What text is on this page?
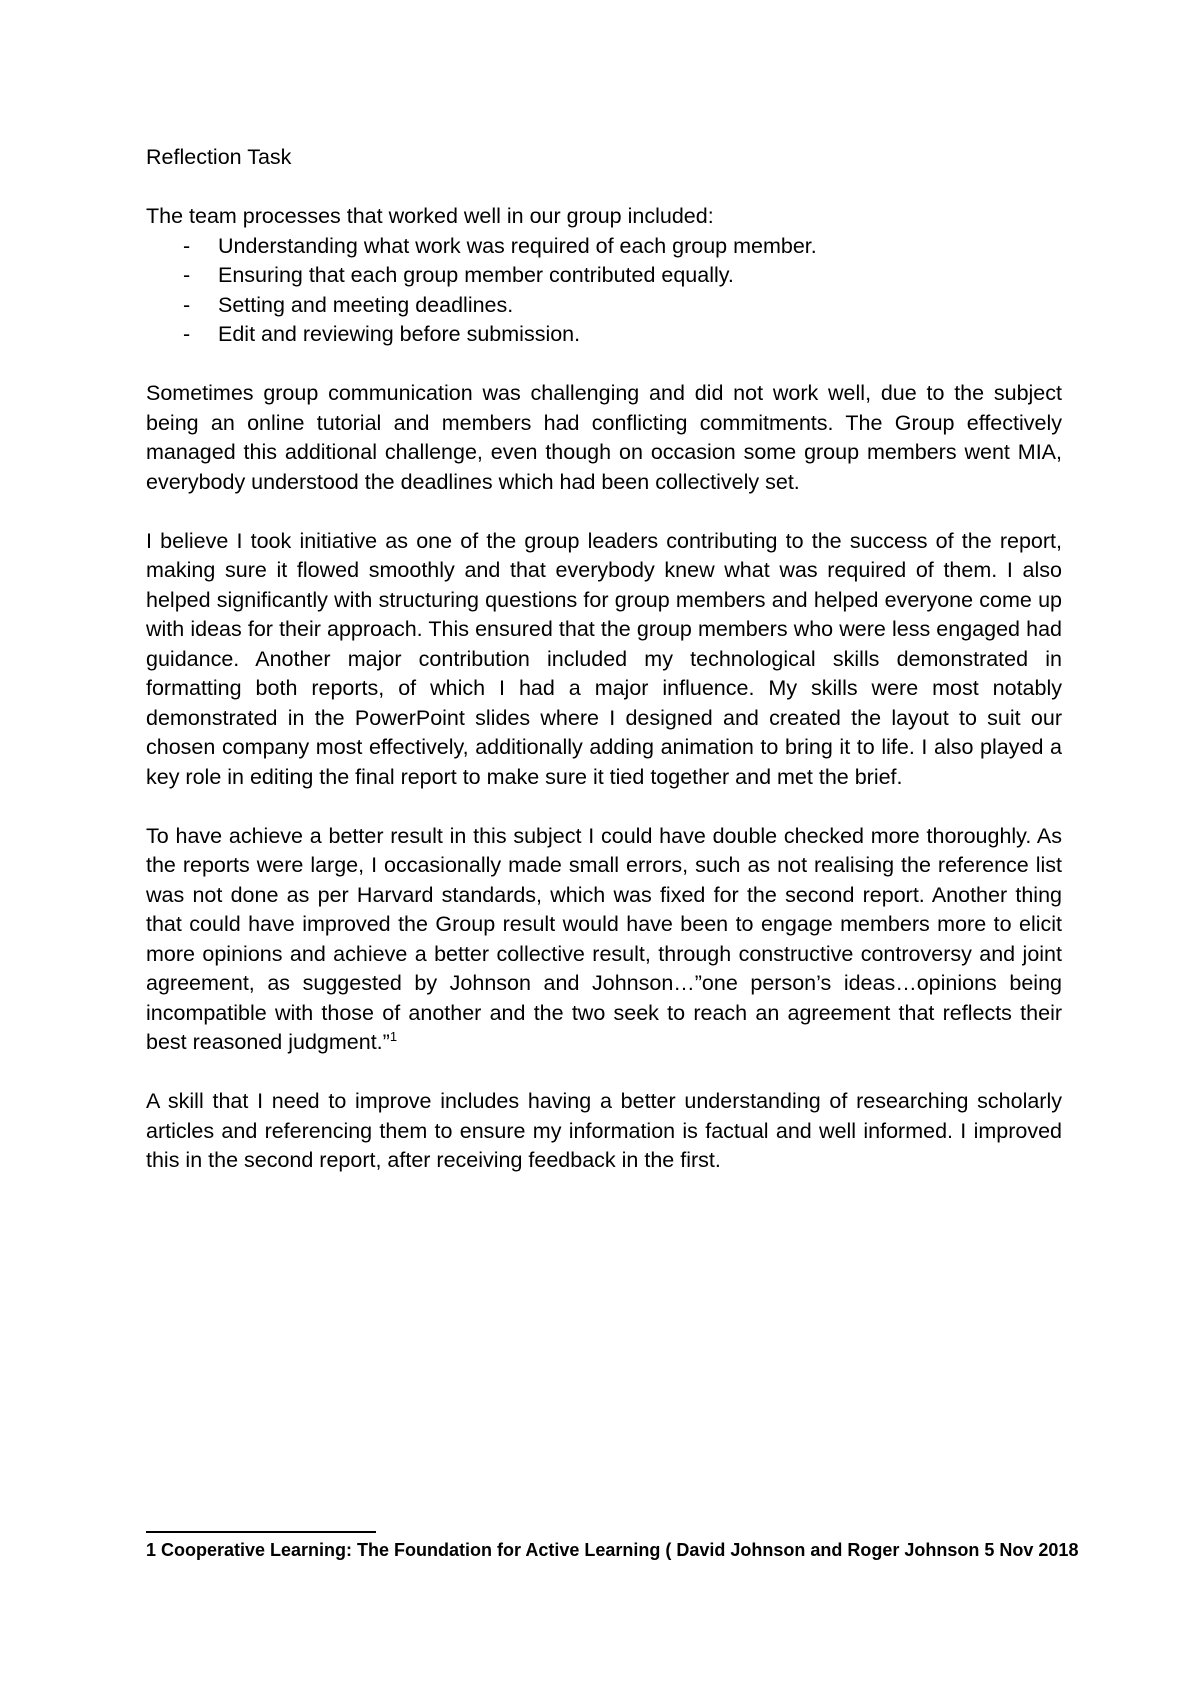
Reflection Task

The team processes that worked well in our group included:

- Understanding what work was required of each group member.
- Ensuring that each group member contributed equally.
- Setting and meeting deadlines.
- Edit and reviewing before submission.

Sometimes group communication was challenging and did not work well, due to the subject being an online tutorial and members had conflicting commitments. The Group effectively managed this additional challenge, even though on occasion some group members went MIA, everybody understood the deadlines which had been collectively set.

I believe I took initiative as one of the group leaders contributing to the success of the report, making sure it flowed smoothly and that everybody knew what was required of them. I also helped significantly with structuring questions for group members and helped everyone come up with ideas for their approach. This ensured that the group members who were less engaged had guidance. Another major contribution included my technological skills demonstrated in formatting both reports, of which I had a major influence. My skills were most notably demonstrated in the PowerPoint slides where I designed and created the layout to suit our chosen company most effectively, additionally adding animation to bring it to life. I also played a key role in editing the final report to make sure it tied together and met the brief.

To have achieve a better result in this subject I could have double checked more thoroughly. As the reports were large, I occasionally made small errors, such as not realising the reference list was not done as per Harvard standards, which was fixed for the second report. Another thing that could have improved the Group result would have been to engage members more to elicit more opinions and achieve a better collective result, through constructive controversy and joint agreement, as suggested by Johnson and Johnson…”one person’s ideas…opinions being incompatible with those of another and the two seek to reach an agreement that reflects their best reasoned judgment.”$^1$

A skill that I need to improve includes having a better understanding of researching scholarly articles and referencing them to ensure my information is factual and well informed. I improved this in the second report, after receiving feedback in the first.

1 Cooperative Learning: The Foundation for Active Learning ( David Johnson and Roger Johnson 5 Nov 2018
